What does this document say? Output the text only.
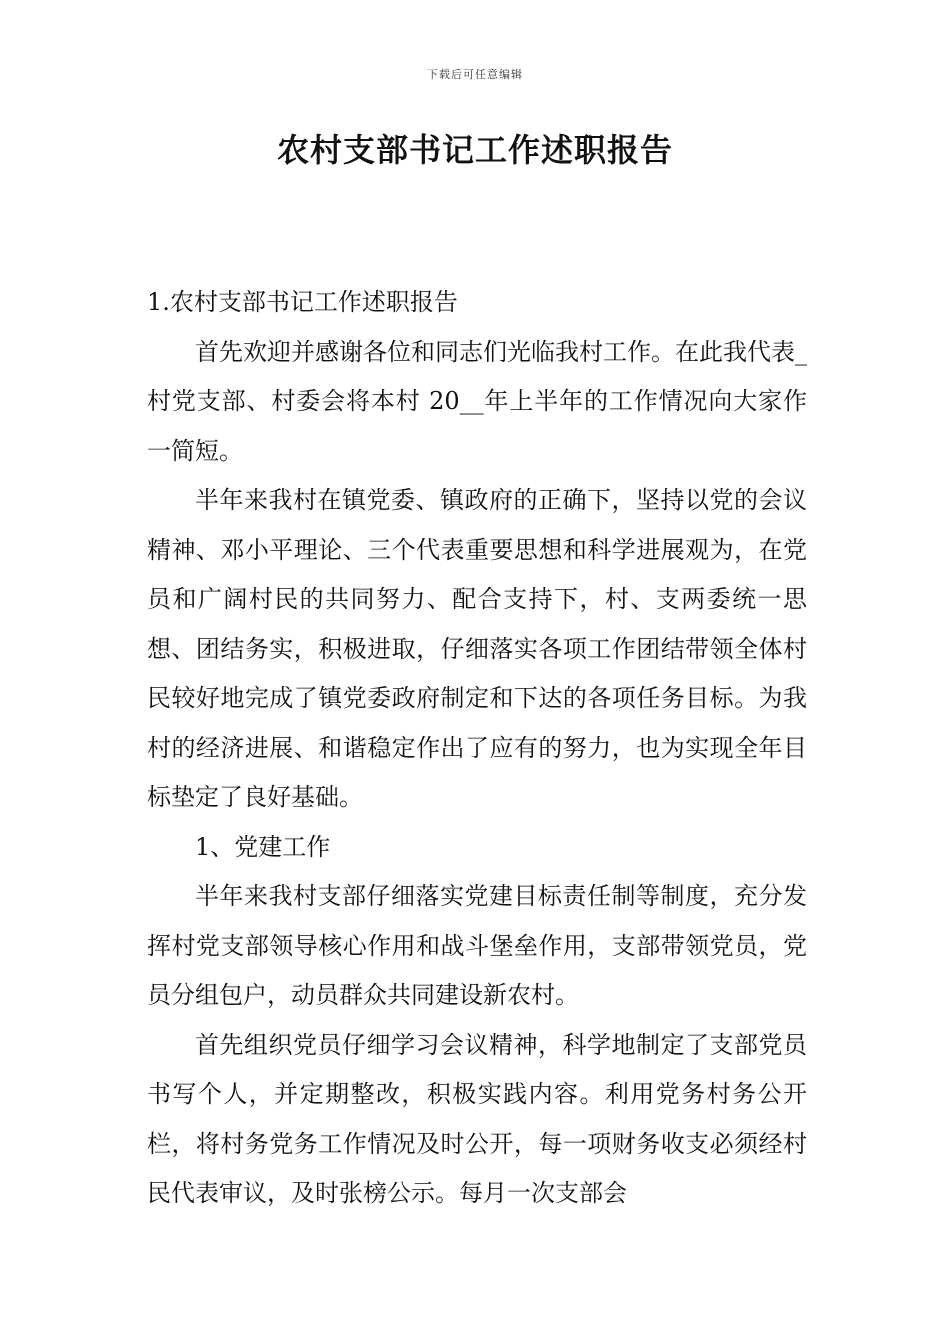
下载后可任意编辑
农村支部书记工作述职报告

1.农村支部书记工作述职报告

首先欢迎并感谢各位和同志们光临我村工作。在此我代表_村党支部、村委会将本村 20__年上半年的工作情况向大家作一简短。

半年来我村在镇党委、镇政府的正确下，坚持以党的会议精神、邓小平理论、三个代表重要思想和科学进展观为，在党员和广阔村民的共同努力、配合支持下，村、支两委统一思想、团结务实，积极进取，仔细落实各项工作团结带领全体村民较好地完成了镇党委政府制定和下达的各项任务目标。为我村的经济进展、和谐稳定作出了应有的努力，也为实现全年目标垫定了良好基础。

1、党建工作

半年来我村支部仔细落实党建目标责任制等制度，充分发挥村党支部领导核心作用和战斗堡垒作用，支部带领党员，党员分组包户，动员群众共同建设新农村。

首先组织党员仔细学习会议精神，科学地制定了支部党员书写个人，并定期整改，积极实践内容。利用党务村务公开栏，将村务党务工作情况及时公开，每一项财务收支必须经村民代表审议，及时张榜公示。每月一次支部会
